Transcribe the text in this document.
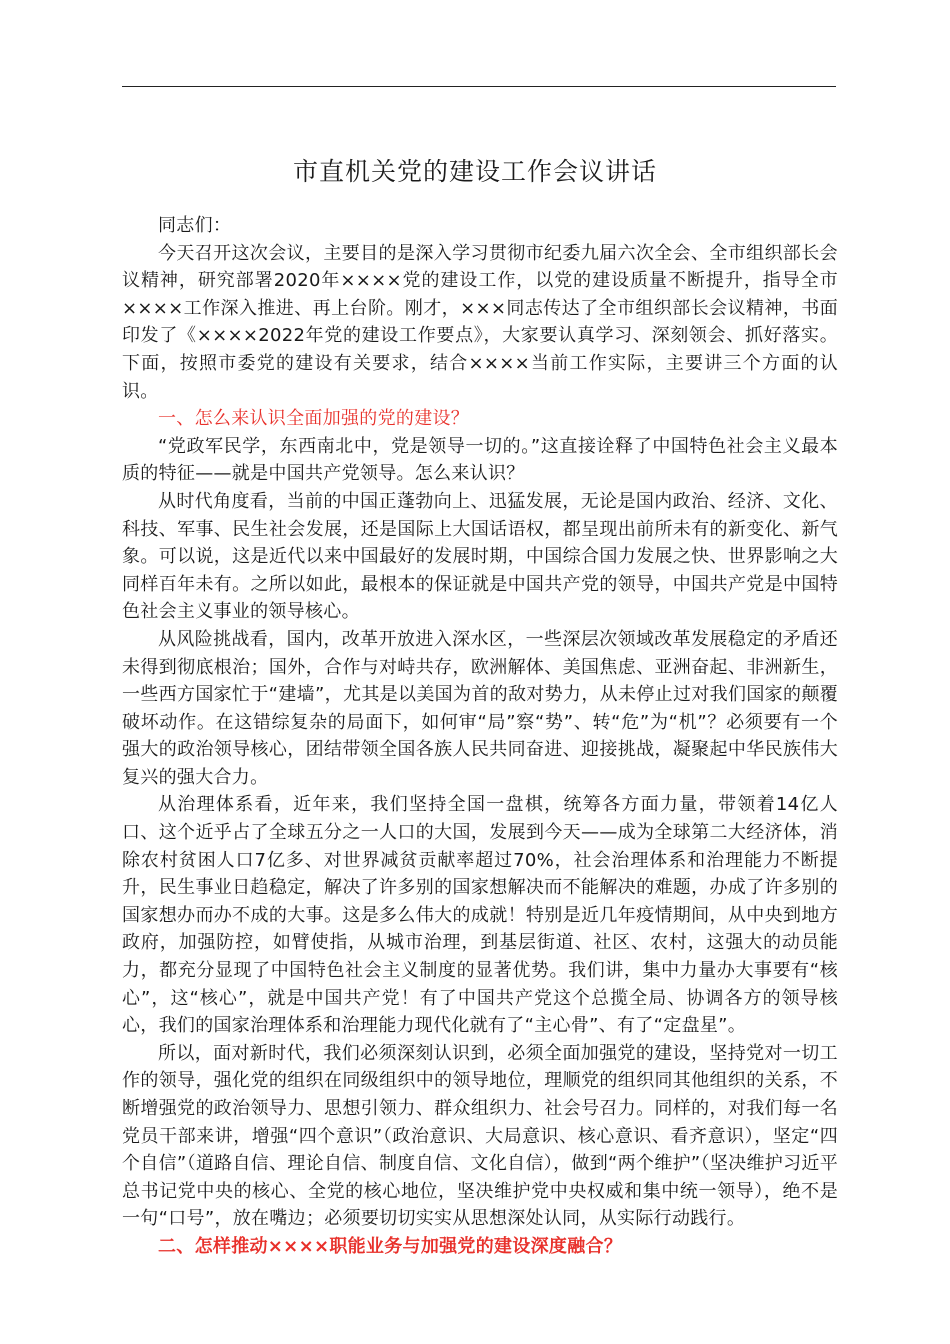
市直机关党的建设工作会议讲话

同志们：

今天召开这次会议，主要目的是深入学习贯彻市纪委九届六次全会、全市组织部长会议精神，研究部署2020年××××党的建设工作，以党的建设质量不断提升，指导全市××××工作深入推进、再上台阶。刚才，×××同志传达了全市组织部长会议精神，书面印发了《××××2022年党的建设工作要点》，大家要认真学习、深刻领会、抓好落实。下面，按照市委党的建设有关要求，结合××××当前工作实际，主要讲三个方面的认识。

一、怎么来认识全面加强的党的建设？

“党政军民学，东西南北中，党是领导一切的。”这直接诠释了中国特色社会主义最本质的特征——就是中国共产党领导。怎么来认识？

从时代角度看，当前的中国正蓬勃向上、迅猛发展，无论是国内政治、经济、文化、科技、军事、民生社会发展，还是国际上大国话语权，都呈现出前所未有的新变化、新气象。可以说，这是近代以来中国最好的发展时期，中国综合国力发展之快、世界影响之大同样百年未有。之所以如此，最根本的保证就是中国共产党的领导，中国共产党是中国特色社会主义事业的领导核心。

从风险挑战看，国内，改革开放进入深水区，一些深层次领域改革发展稳定的矛盾还未得到彻底根治；国外，合作与对峙共存，欧洲解体、美国焦虑、亚洲奋起、非洲新生，一些西方国家忙于“建墙”，尤其是以美国为首的敌对势力，从未停止过对我们国家的颠覆破坏动作。在这错综复杂的局面下，如何审“局”察“势”、转“危”为“机”？必须要有一个强大的政治领导核心，团结带领全国各族人民共同奋进、迎接挑战，凝聚起中华民族伟大复兴的强大合力。

从治理体系看，近年来，我们坚持全国一盘棋，统筹各方面力量，带领着14亿人口、这个近乎占了全球五分之一人口的大国，发展到今天——成为全球第二大经济体，消除农村贫困人口7亿多、对世界减贫贡献率超过70%，社会治理体系和治理能力不断提升，民生事业日趋稳定，解决了许多别的国家想解决而不能解决的难题，办成了许多别的国家想办而办不成的大事。这是多么伟大的成就！特别是近几年疫情期间，从中央到地方政府，加强防控，如臂使指，从城市治理，到基层街道、社区、农村，这强大的动员能力，都充分显现了中国特色社会主义制度的显著优势。我们讲，集中力量办大事要有“核心”，这“核心”，就是中国共产党！有了中国共产党这个总揽全局、协调各方的领导核心，我们的国家治理体系和治理能力现代化就有了“主心骨”、有了“定盘星”。

所以，面对新时代，我们必须深刻认识到，必须全面加强党的建设，坚持党对一切工作的领导，强化党的组织在同级组织中的领导地位，理顺党的组织同其他组织的关系，不断增强党的政治领导力、思想引领力、群众组织力、社会号召力。同样的，对我们每一名党员干部来讲，增强“四个意识”（政治意识、大局意识、核心意识、看齐意识），坚定“四个自信”（道路自信、理论自信、制度自信、文化自信），做到“两个维护”（坚决维护习近平总书记党中央的核心、全党的核心地位，坚决维护党中央权威和集中统一领导），绝不是一句“口号”，放在嘴边；必须要切切实实从思想深处认同，从实际行动践行。

二、怎样推动××××职能业务与加强党的建设深度融合？
